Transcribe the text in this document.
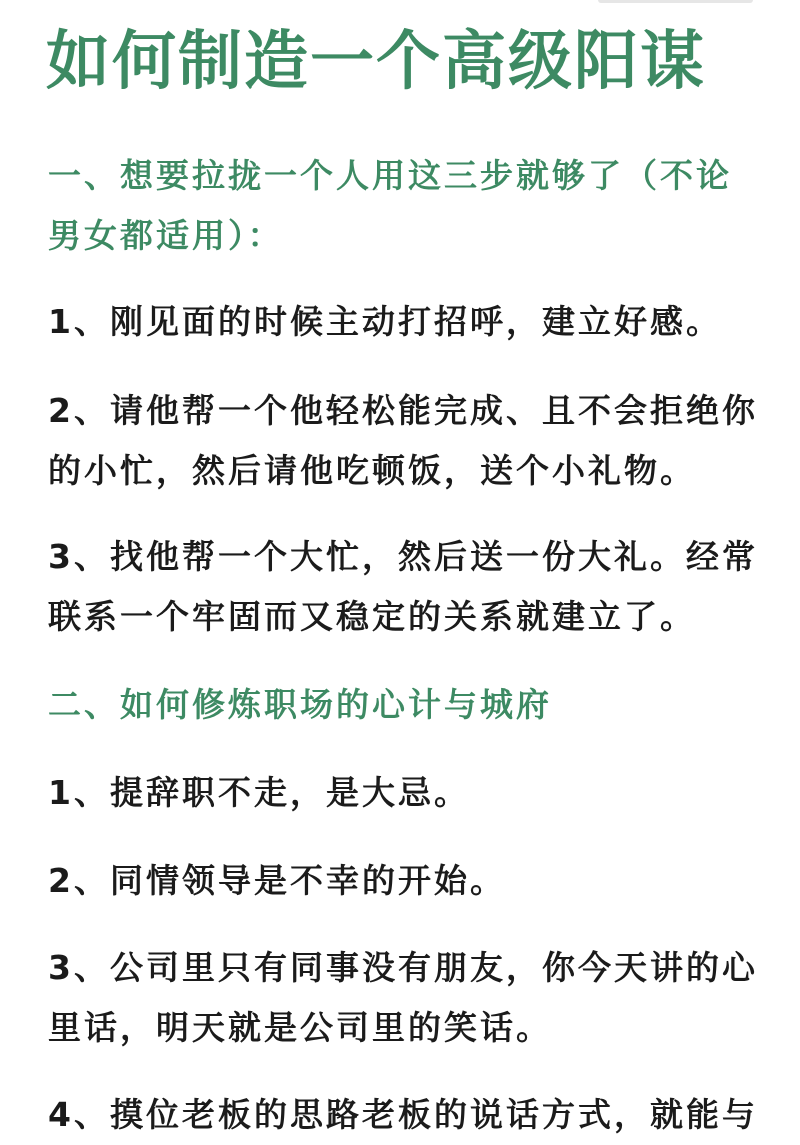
如何制造一个高级阳谋

一、想要拉拢一个人用这三步就够了（不论男女都适用）：

1、刚见面的时候主动打招呼，建立好感。

2、请他帮一个他轻松能完成、且不会拒绝你的小忙，然后请他吃顿饭，送个小礼物。

3、找他帮一个大忙，然后送一份大礼。经常联系一个牢固而又稳定的关系就建立了。

二、如何修炼职场的心计与城府

1、提辞职不走，是大忌。

2、同情领导是不幸的开始。

3、公司里只有同事没有朋友，你今天讲的心里话，明天就是公司里的笑话。

4、摸位老板的思路老板的说话方式，就能与
